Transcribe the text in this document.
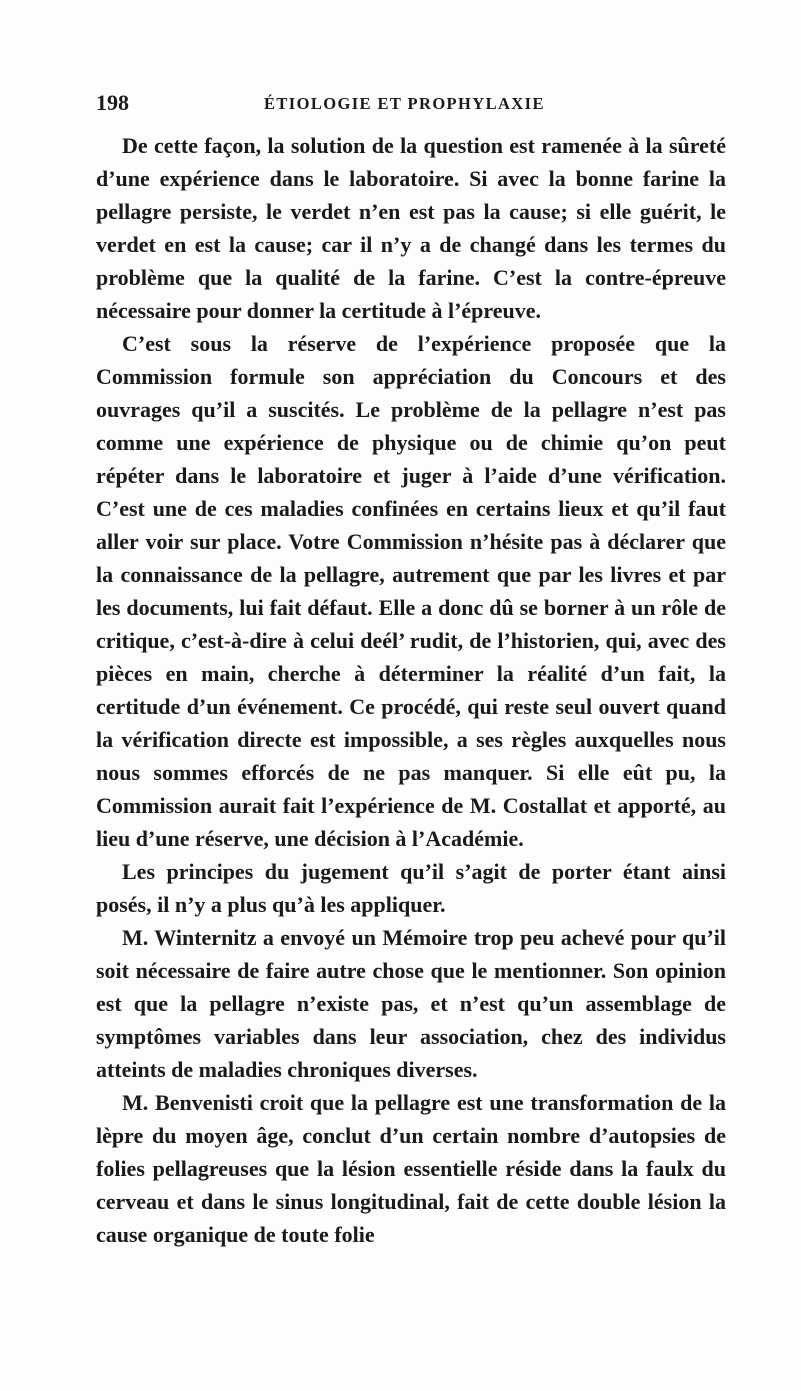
198	ÉTIOLOGIE ET PROPHYLAXIE

De cette façon, la solution de la question est ramenée à la sûreté d’une expérience dans le laboratoire. Si avec la bonne farine la pellagre persiste, le verdet n’en est pas la cause; si elle guérit, le verdet en est la cause; car il n’y a de changé dans les termes du problème que la qualité de la farine. C’est la contre-épreuve nécessaire pour donner la certitude à l’épreuve.

C’est sous la réserve de l’expérience proposée que la Commission formule son appréciation du Concours et des ouvrages qu’il a suscités. Le problème de la pellagre n’est pas comme une expérience de physique ou de chimie qu’on peut répéter dans le laboratoire et juger à l’aide d’une vérification. C’est une de ces maladies confinées en certains lieux et qu’il faut aller voir sur place. Votre Commission n’hésite pas à déclarer que la connaissance de la pellagre, autrement que par les livres et par les documents, lui fait défaut. Elle a donc dû se borner à un rôle de critique, c’est-à-dire à celui deél’ rudit, de l’historien, qui, avec des pièces en main, cherche à déterminer la réalité d’un fait, la certitude d’un événement. Ce procédé, qui reste seul ouvert quand la vérification directe est impossible, a ses règles auxquelles nous nous sommes efforcés de ne pas manquer. Si elle eût pu, la Commission aurait fait l’expérience de M. Costallat et apporté, au lieu d’une réserve, une décision à l’Académie.

Les principes du jugement qu’il s’agit de porter étant ainsi posés, il n’y a plus qu’à les appliquer.

M. Winternitz a envoyé un Mémoire trop peu achevé pour qu’il soit nécessaire de faire autre chose que le mentionner. Son opinion est que la pellagre n’existe pas, et n’est qu’un assemblage de symptômes variables dans leur association, chez des individus atteints de maladies chroniques diverses.

M. Benvenisti croit que la pellagre est une transformation de la lèpre du moyen âge, conclut d’un certain nombre d’autopsies de folies pellagreuses que la lésion essentielle réside dans la faulx du cerveau et dans le sinus longitudinal, fait de cette double lésion la cause organique de toute folie
